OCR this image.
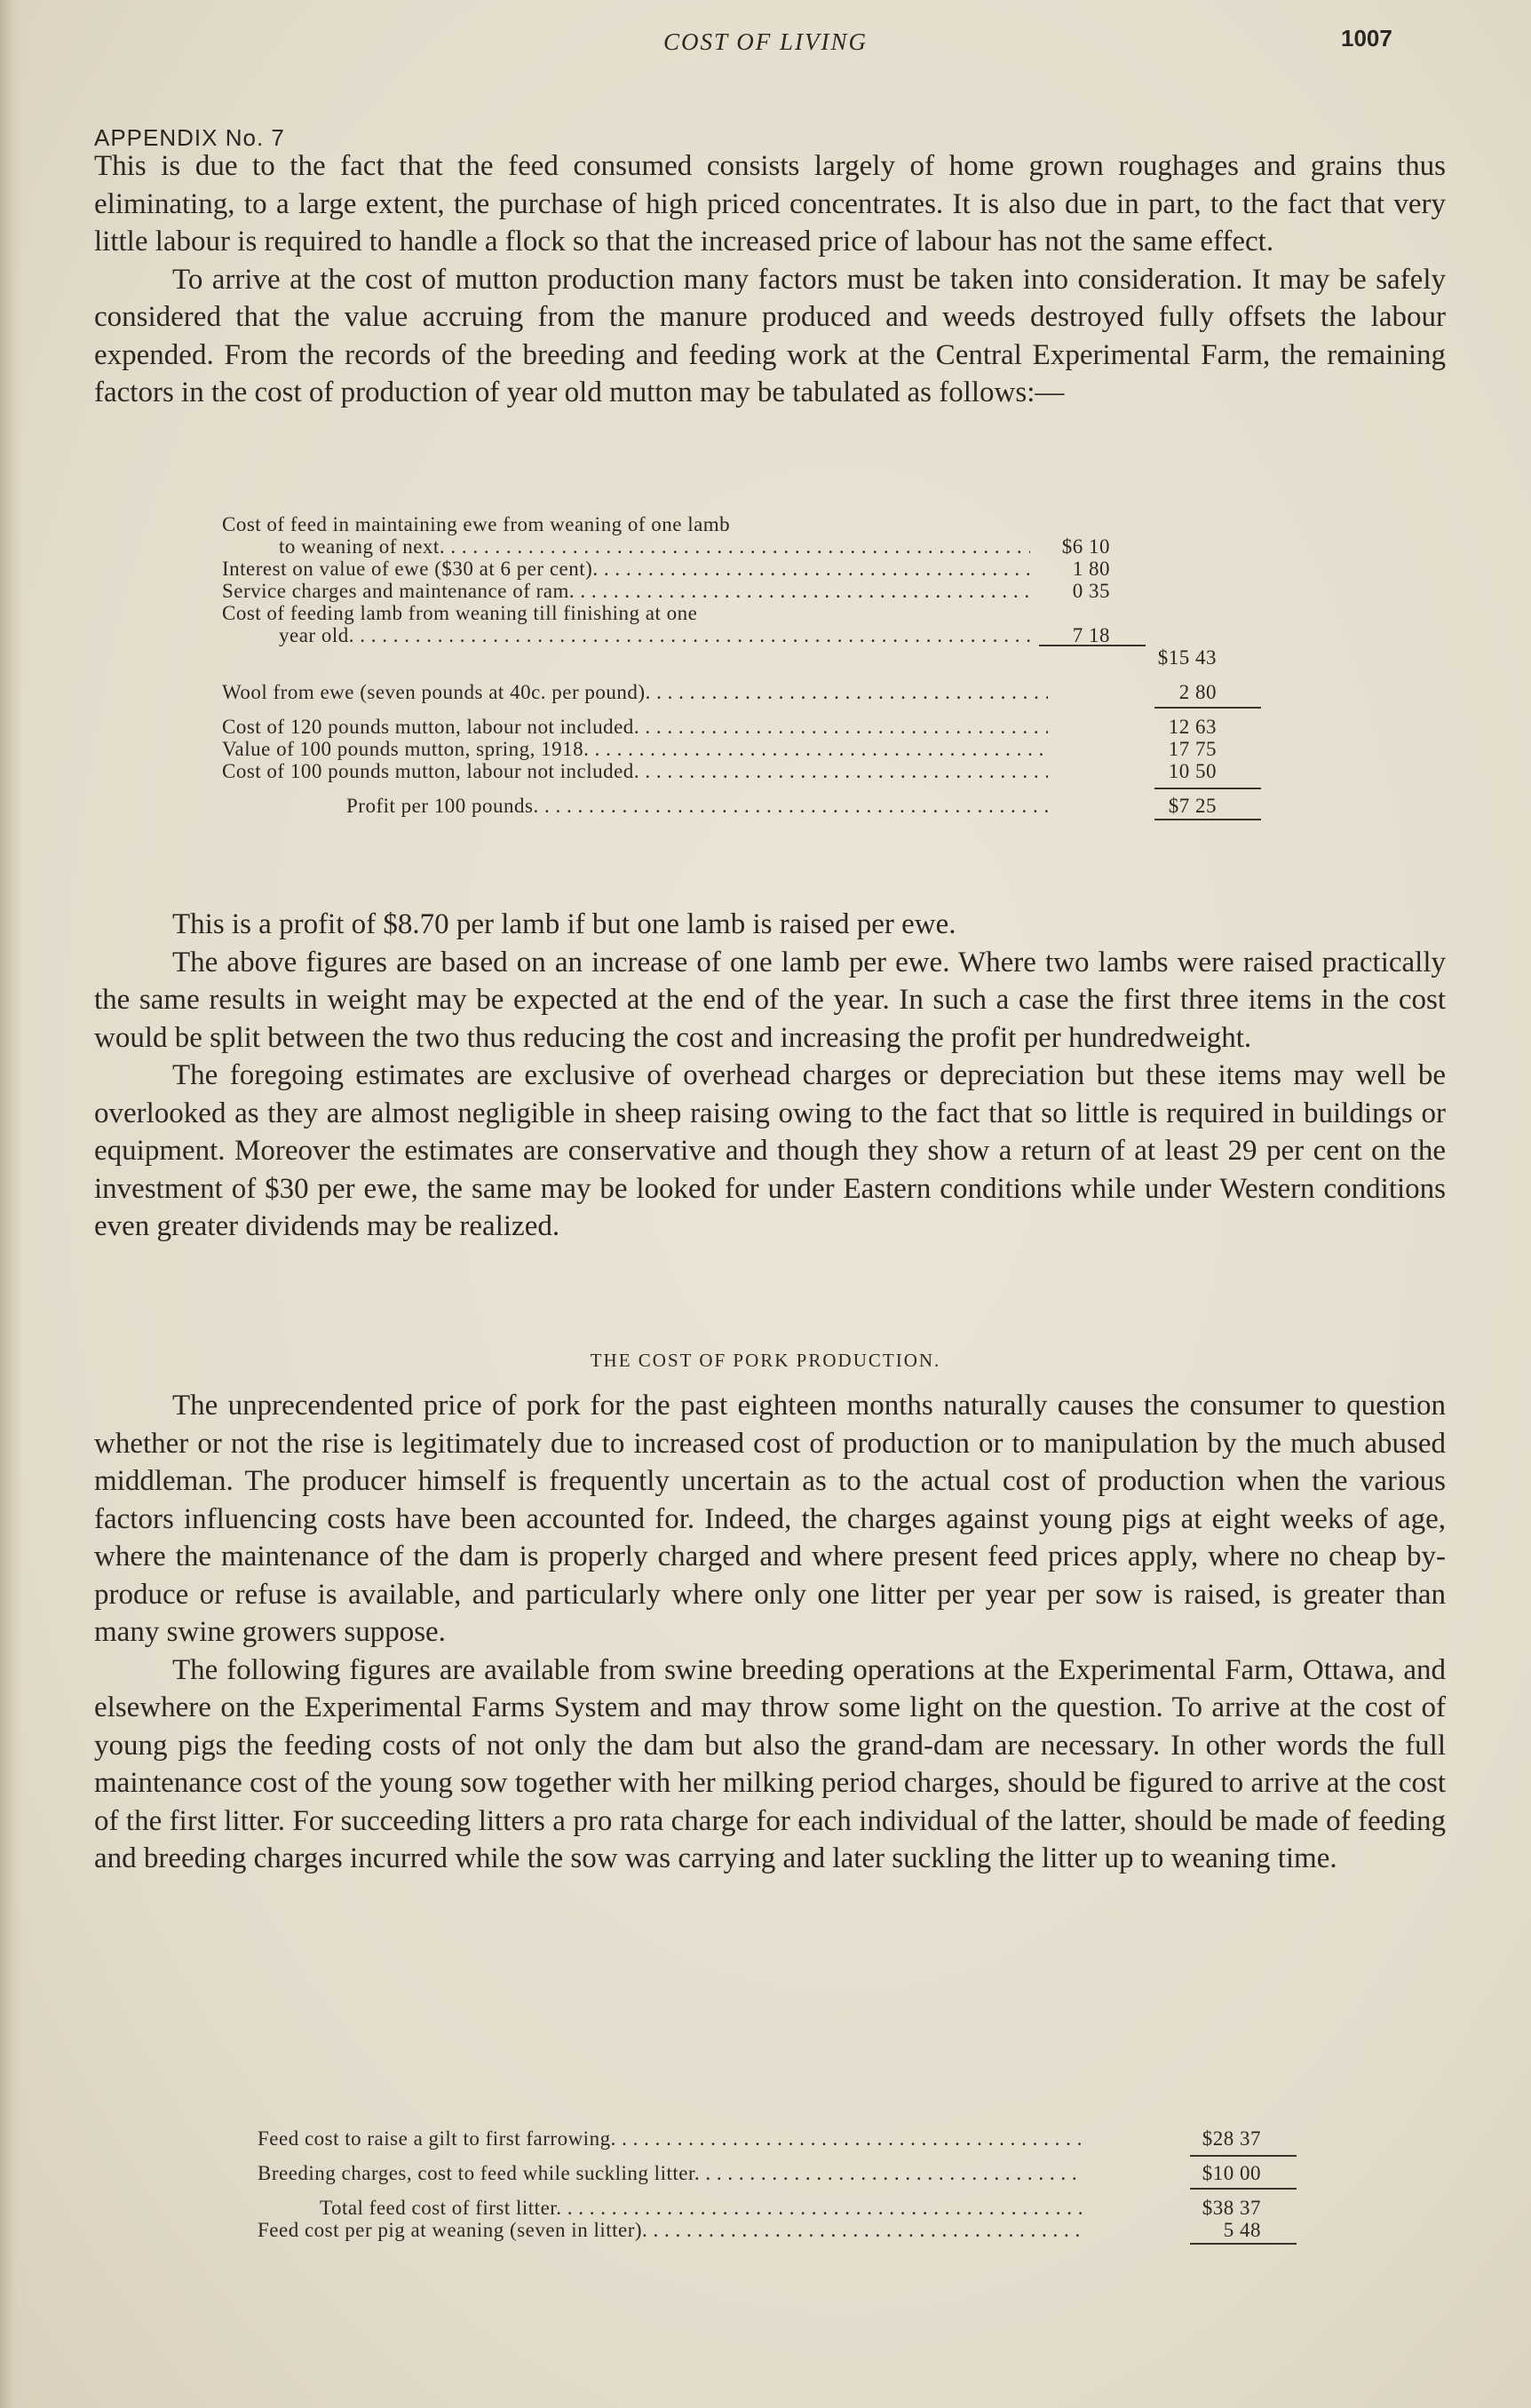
COST OF LIVING	1007
APPENDIX No. 7

This is due to the fact that the feed consumed consists largely of home grown roughages and grains thus eliminating, to a large extent, the purchase of high priced concentrates. It is also due in part, to the fact that very little labour is required to handle a flock so that the increased price of labour has not the same effect.

To arrive at the cost of mutton production many factors must be taken into consideration. It may be safely considered that the value accruing from the manure produced and weeds destroyed fully offsets the labour expended. From the records of the breeding and feeding work at the Central Experimental Farm, the remaining factors in the cost of production of year old mutton may be tabulated as follows:—

Cost of feed in maintaining ewe from weaning of one lamb
to weaning of next . . .	$6 10
Interest on value of ewe ($30 at 6 per cent) . . .	1 80
Service charges and maintenance of ram . . .	0 35
Cost of feeding lamb from weaning till finishing at one
year old . . .	7 18
$15 43
Wool from ewe (seven pounds at 40c. per pound) . . .	2 80
Cost of 120 pounds mutton, labour not included . . .	12 63
Value of 100 pounds mutton, spring, 1918 . . .	17 75
Cost of 100 pounds mutton, labour not included . . .	10 50
Profit per 100 pounds . . .	$7 25

This is a profit of $8.70 per lamb if but one lamb is raised per ewe.

The above figures are based on an increase of one lamb per ewe. Where two lambs were raised practically the same results in weight may be expected at the end of the year. In such a case the first three items in the cost would be split between the two thus reducing the cost and increasing the profit per hundredweight.

The foregoing estimates are exclusive of overhead charges or depreciation but these items may well be overlooked as they are almost negligible in sheep raising owing to the fact that so little is required in buildings or equipment. Moreover the estimates are conservative and though they show a return of at least 29 per cent on the investment of $30 per ewe, the same may be looked for under Eastern conditions while under Western conditions even greater dividends may be realized.

THE COST OF PORK PRODUCTION.

The unprecendented price of pork for the past eighteen months naturally causes the consumer to question whether or not the rise is legitimately due to increased cost of production or to manipulation by the much abused middleman. The producer himself is frequently uncertain as to the actual cost of production when the various factors influencing costs have been accounted for. Indeed, the charges against young pigs at eight weeks of age, where the maintenance of the dam is properly charged and where present feed prices apply, where no cheap by-produce or refuse is available, and particularly where only one litter per year per sow is raised, is greater than many swine growers suppose.

The following figures are available from swine breeding operations at the Experimental Farm, Ottawa, and elsewhere on the Experimental Farms System and may throw some light on the question. To arrive at the cost of young pigs the feeding costs of not only the dam but also the grand-dam are necessary. In other words the full maintenance cost of the young sow together with her milking period charges, should be figured to arrive at the cost of the first litter. For succeeding litters a pro rata charge for each individual of the latter, should be made of feeding and breeding charges incurred while the sow was carrying and later suckling the litter up to weaning time.

Feed cost to raise a gilt to first farrowing . . .	$28 37
Breeding charges, cost to feed while suckling litter . . .	$10 00
Total feed cost of first litter . . .	$38 37
Feed cost per pig at weaning (seven in litter) . . .	5 48
